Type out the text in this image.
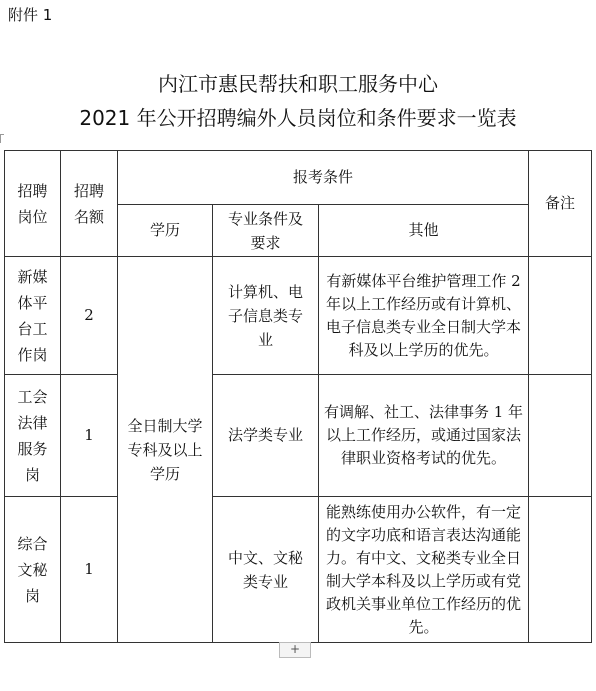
附件 1
内江市惠民帮扶和职工服务中心
2021 年公开招聘编外人员岗位和条件要求一览表
招聘岗位	招聘名额	报考条件			备注
		学历	专业条件及要求	其他	
新媒体平台工作岗	2	全日制大学专科及以上学历	计算机、电子信息类专业	有新媒体平台维护管理工作 2 年以上工作经历或有计算机、电子信息类专业全日制大学本科及以上学历的优先。	
工会法律服务岗	1		法学类专业	有调解、社工、法律事务 1 年以上工作经历，或通过国家法律职业资格考试的优先。	
综合文秘岗	1		中文、文秘类专业	能熟练使用办公软件，有一定的文字功底和语言表达沟通能力。有中文、文秘类专业全日制大学本科及以上学历或有党政机关事业单位工作经历的优先。	
+
